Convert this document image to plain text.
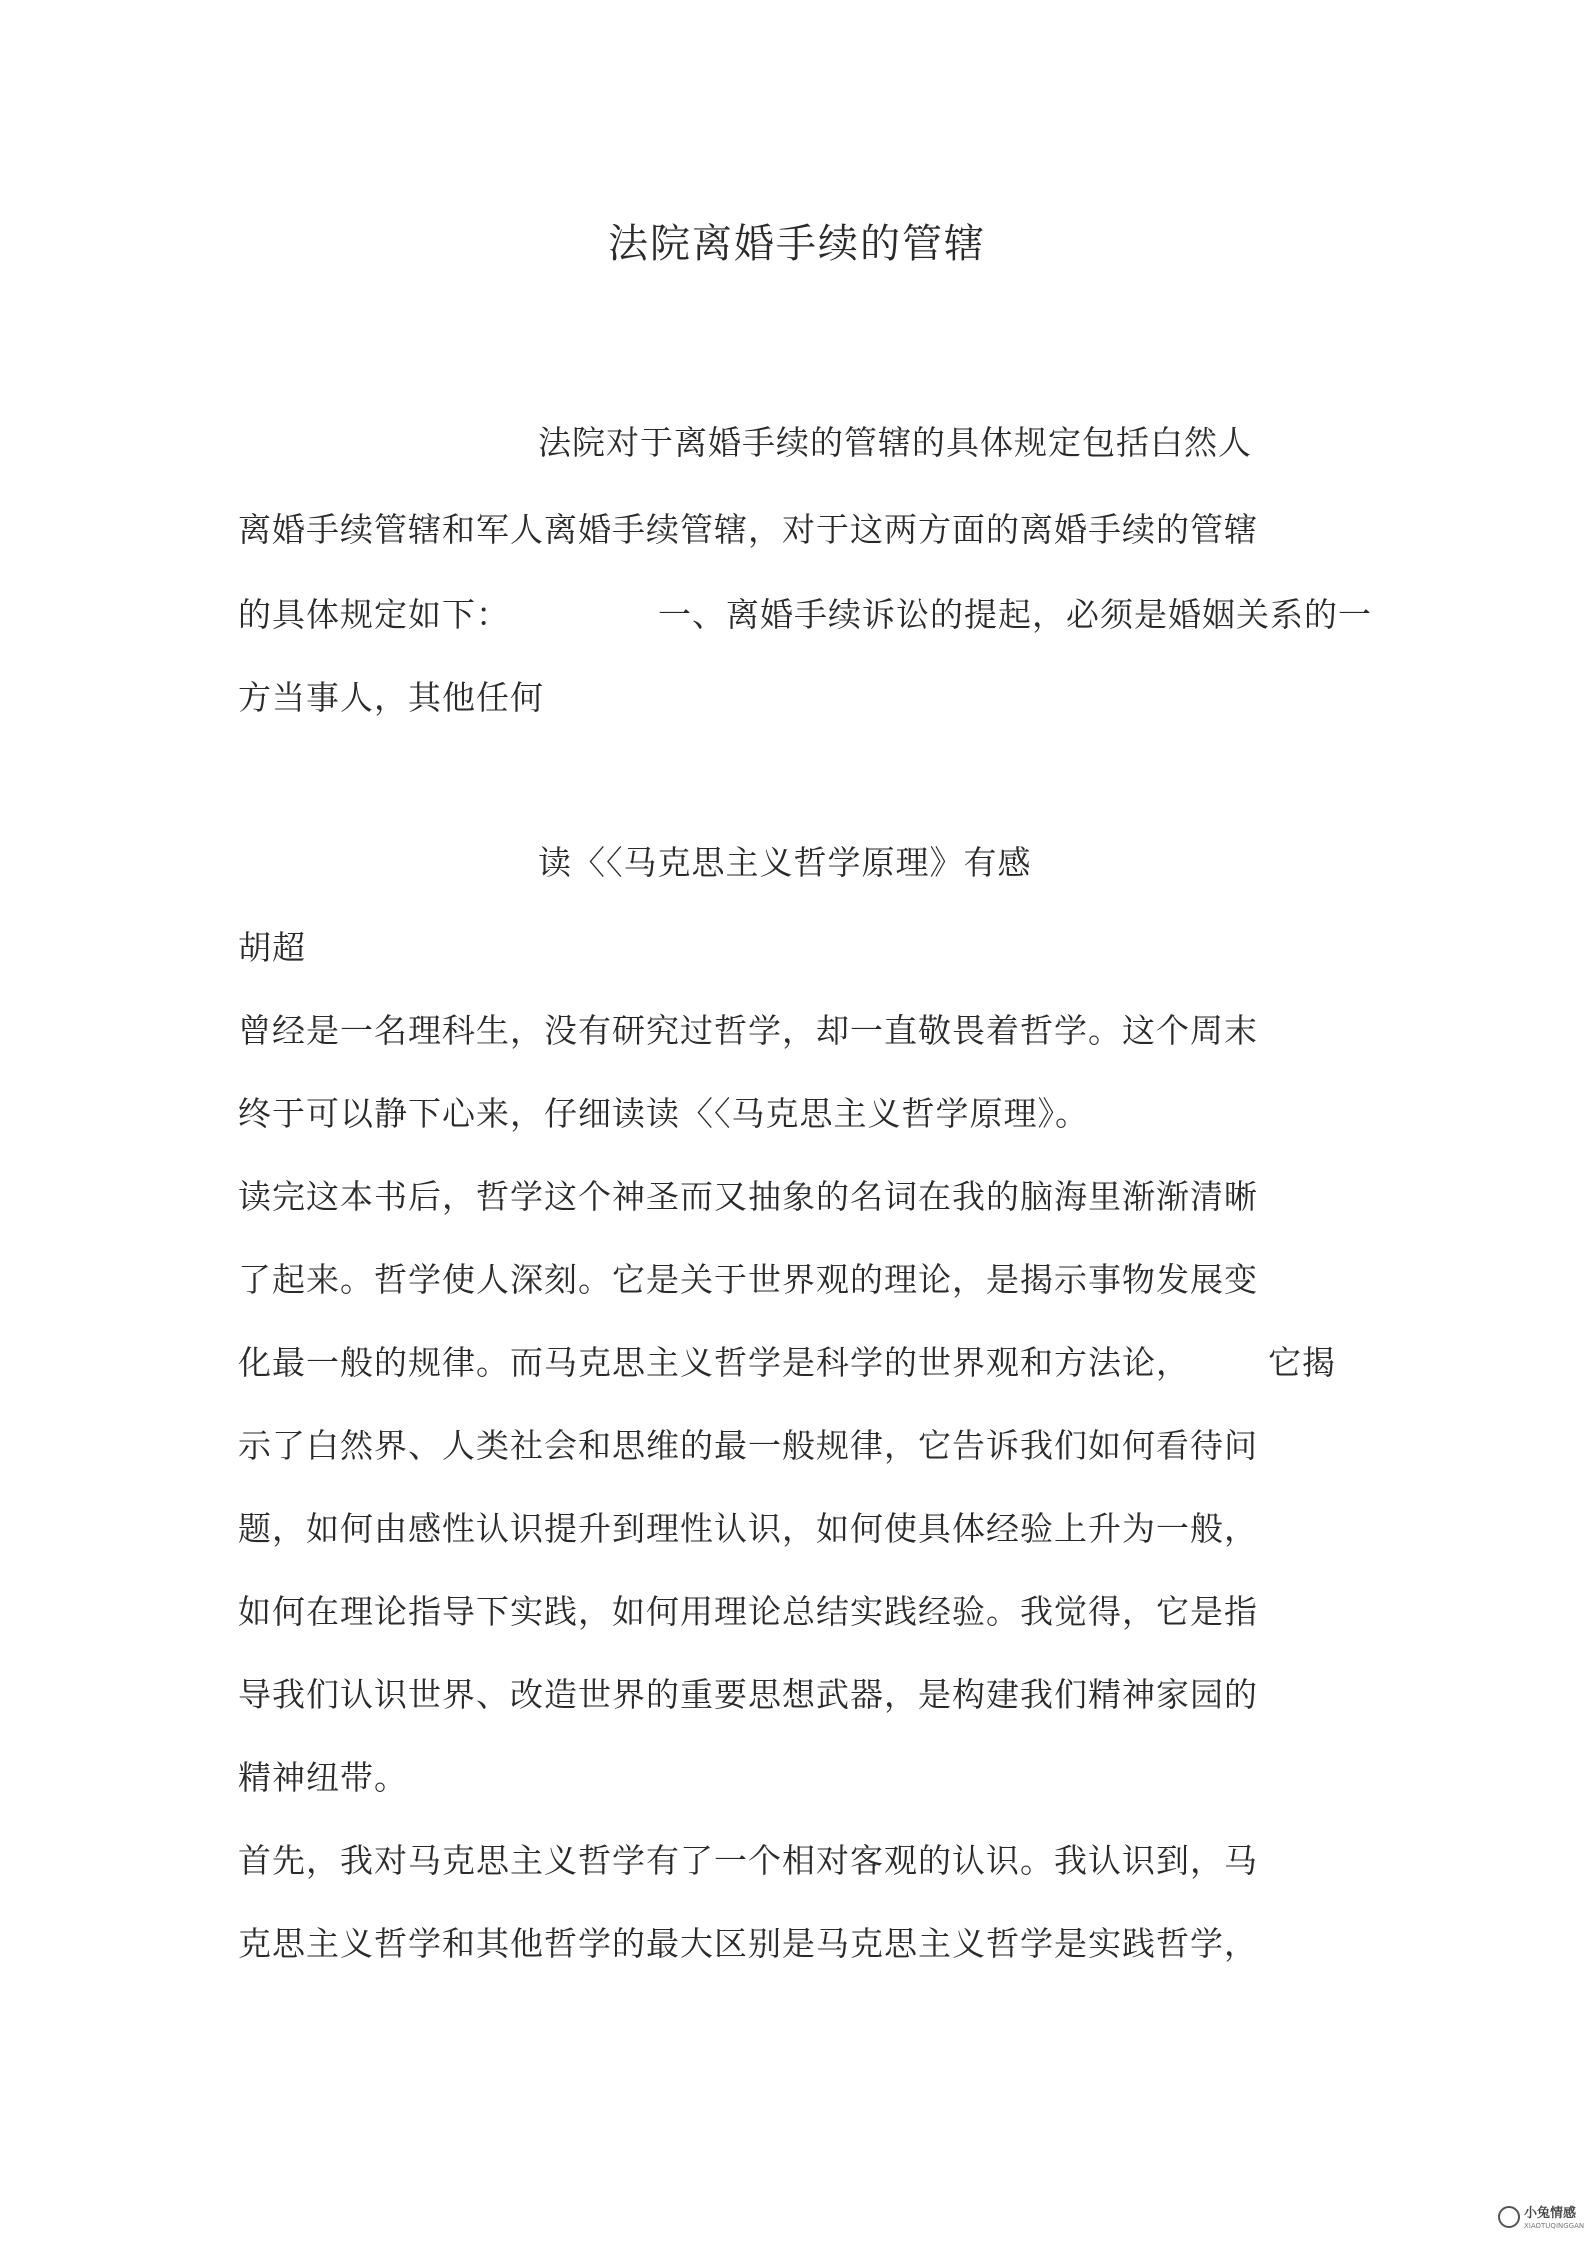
法院离婚手续的管辖
法院对于离婚手续的管辖的具体规定包括白然人
离婚手续管辖和军人离婚手续管辖，对于这两方面的离婚手续的管辖
的具体规定如下：	一、离婚手续诉讼的提起，必须是婚姻关系的一
方当事人，其他任何
读〈〈马克思主义哲学原理》有感
胡超
曾经是一名理科生，没有研究过哲学，却一直敬畏着哲学。这个周末
终于可以静下心来，仔细读读〈〈马克思主义哲学原理》。
读完这本书后，哲学这个神圣而又抽象的名词在我的脑海里渐渐清晰
了起来。哲学使人深刻。它是关于世界观的理论，是揭示事物发展变
化最一般的规律。而马克思主义哲学是科学的世界观和方法论， 它揭
示了白然界、人类社会和思维的最一般规律，它告诉我们如何看待问
题，如何由感性认识提升到理性认识，如何使具体经验上升为一般，
如何在理论指导下实践，如何用理论总结实践经验。我觉得，它是指
导我们认识世界、改造世界的重要思想武器，是构建我们精神家园的
精神纽带。
首先，我对马克思主义哲学有了一个相对客观的认识。我认识到，马
克思主义哲学和其他哲学的最大区别是马克思主义哲学是实践哲学，
小兔情感
XIAOTUQINGGAN
